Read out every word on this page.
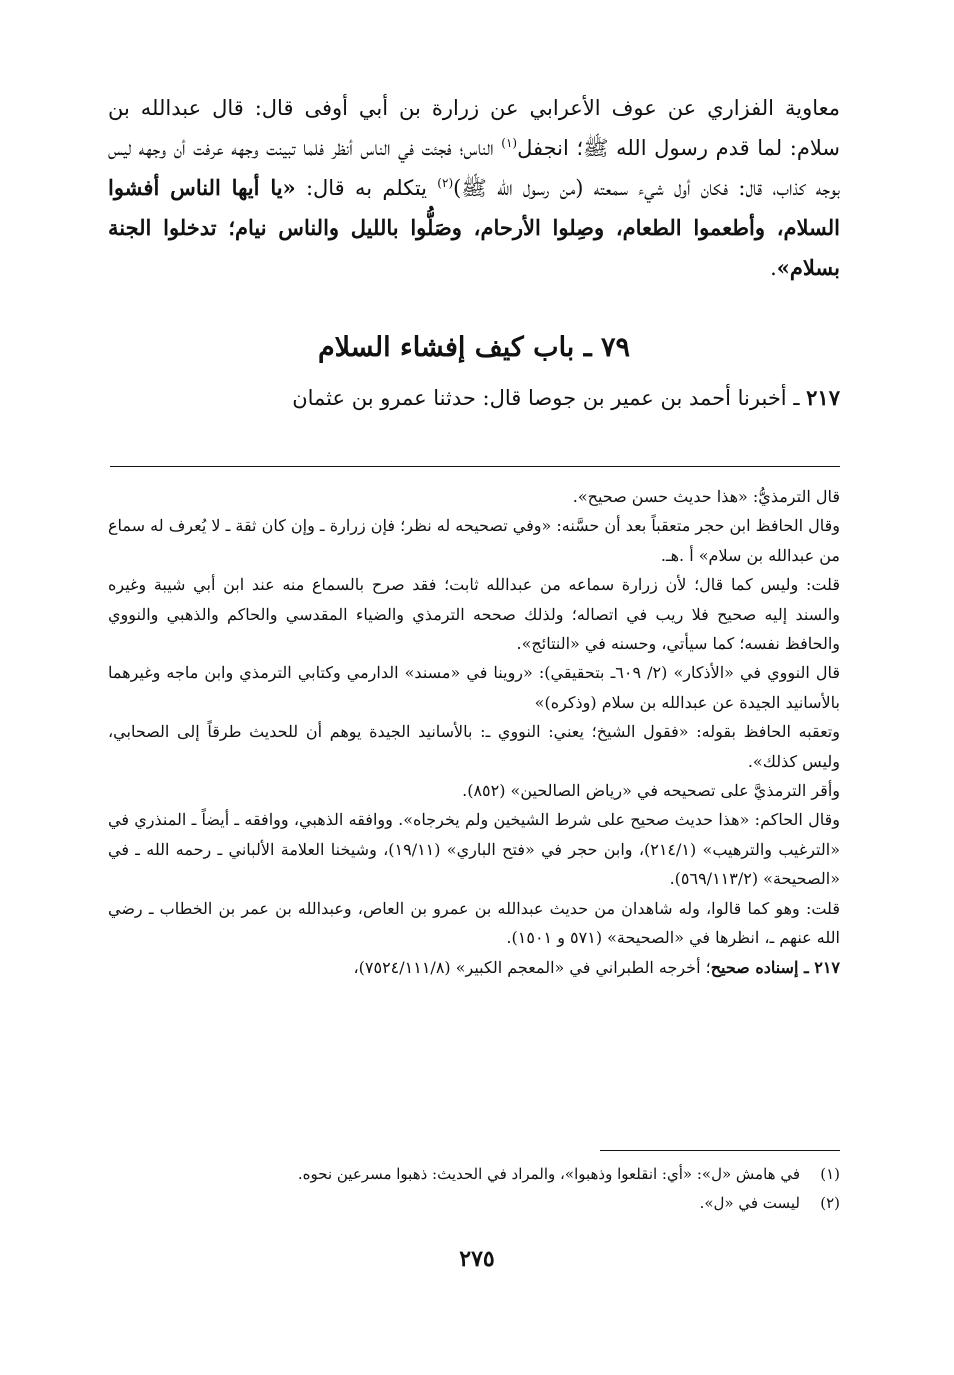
معاوية الفزاري عن عوف الأعرابي عن زرارة بن أبي أوفى قال: قال عبدالله بن سلام: لما قدم رسول الله ﷺ؛ انجفل$^{(١)}$ الناس؛ فجئت في الناس أنظر فلما تبينت وجهه عرفت أن وجهه ليس بوجه كذاب، قال: فكان أول شيء سمعته (من رسول الله ﷺ)$^{(٢)}$ يتكلم به قال: «يا أيها الناس أفشوا السلام، وأطعموا الطعام، وصِلوا الأرحام، وصَلُّوا بالليل والناس نيام؛ تدخلوا الجنة بسلام».
٧٩ ـ باب كيف إفشاء السلام
٢١٧ ـ أخبرنا أحمد بن عمير بن جوصا قال: حدثنا عمرو بن عثمان

قال الترمذيُّ: «هذا حديث حسن صحيح».

وقال الحافظ ابن حجر متعقباً بعد أن حسَّنه: «وفي تصحيحه له نظر؛ فإن زرارة ـ وإن كان ثقة ـ لا يُعرف له سماع من عبدالله بن سلام» أ .هـ.

قلت: وليس كما قال؛ لأن زرارة سماعه من عبدالله ثابت؛ فقد صرح بالسماع منه عند ابن أبي شيبة وغيره والسند إليه صحيح فلا ريب في اتصاله؛ ولذلك صححه الترمذي والضياء المقدسي والحاكم والذهبي والنووي والحافظ نفسه؛ كما سيأتي، وحسنه في «النتائج».

قال النووي في «الأذكار» (٢/ ٦٠٩ـ بتحقيقي): «روينا في «مسند» الدارمي وكتابي الترمذي وابن ماجه وغيرهما بالأسانيد الجيدة عن عبدالله بن سلام (وذكره)»

وتعقبه الحافظ بقوله: «فقول الشيخ؛ يعني: النووي ـ: بالأسانيد الجيدة يوهم أن للحديث طرقاً إلى الصحابي، وليس كذلك».

وأقر الترمذيَّ على تصحيحه في «رياض الصالحين» (٨٥٢).

وقال الحاكم: «هذا حديث صحيح على شرط الشيخين ولم يخرجاه». ووافقه الذهبي، ووافقه ـ أيضاً ـ المنذري في «الترغيب والترهيب» (٢١٤/١)، وابن حجر في «فتح الباري» (١٩/١١)، وشيخنا العلامة الألباني ـ رحمه الله ـ في «الصحيحة» (٥٦٩/١١٣/٢).

قلت: وهو كما قالوا، وله شاهدان من حديث عبدالله بن عمرو بن العاص، وعبدالله بن عمر بن الخطاب ـ رضي الله عنهم ـ، انظرها في «الصحيحة» (٥٧١ و ١٥٠١).

٢١٧ ـ إسناده صحيح؛ أخرجه الطبراني في «المعجم الكبير» (٧٥٢٤/١١١/٨)،

(١)في هامش «ل»: «أي: انقلعوا وذهبوا»، والمراد في الحديث: ذهبوا مسرعين نحوه.
(٢)ليست في «ل».
٢٧٥
